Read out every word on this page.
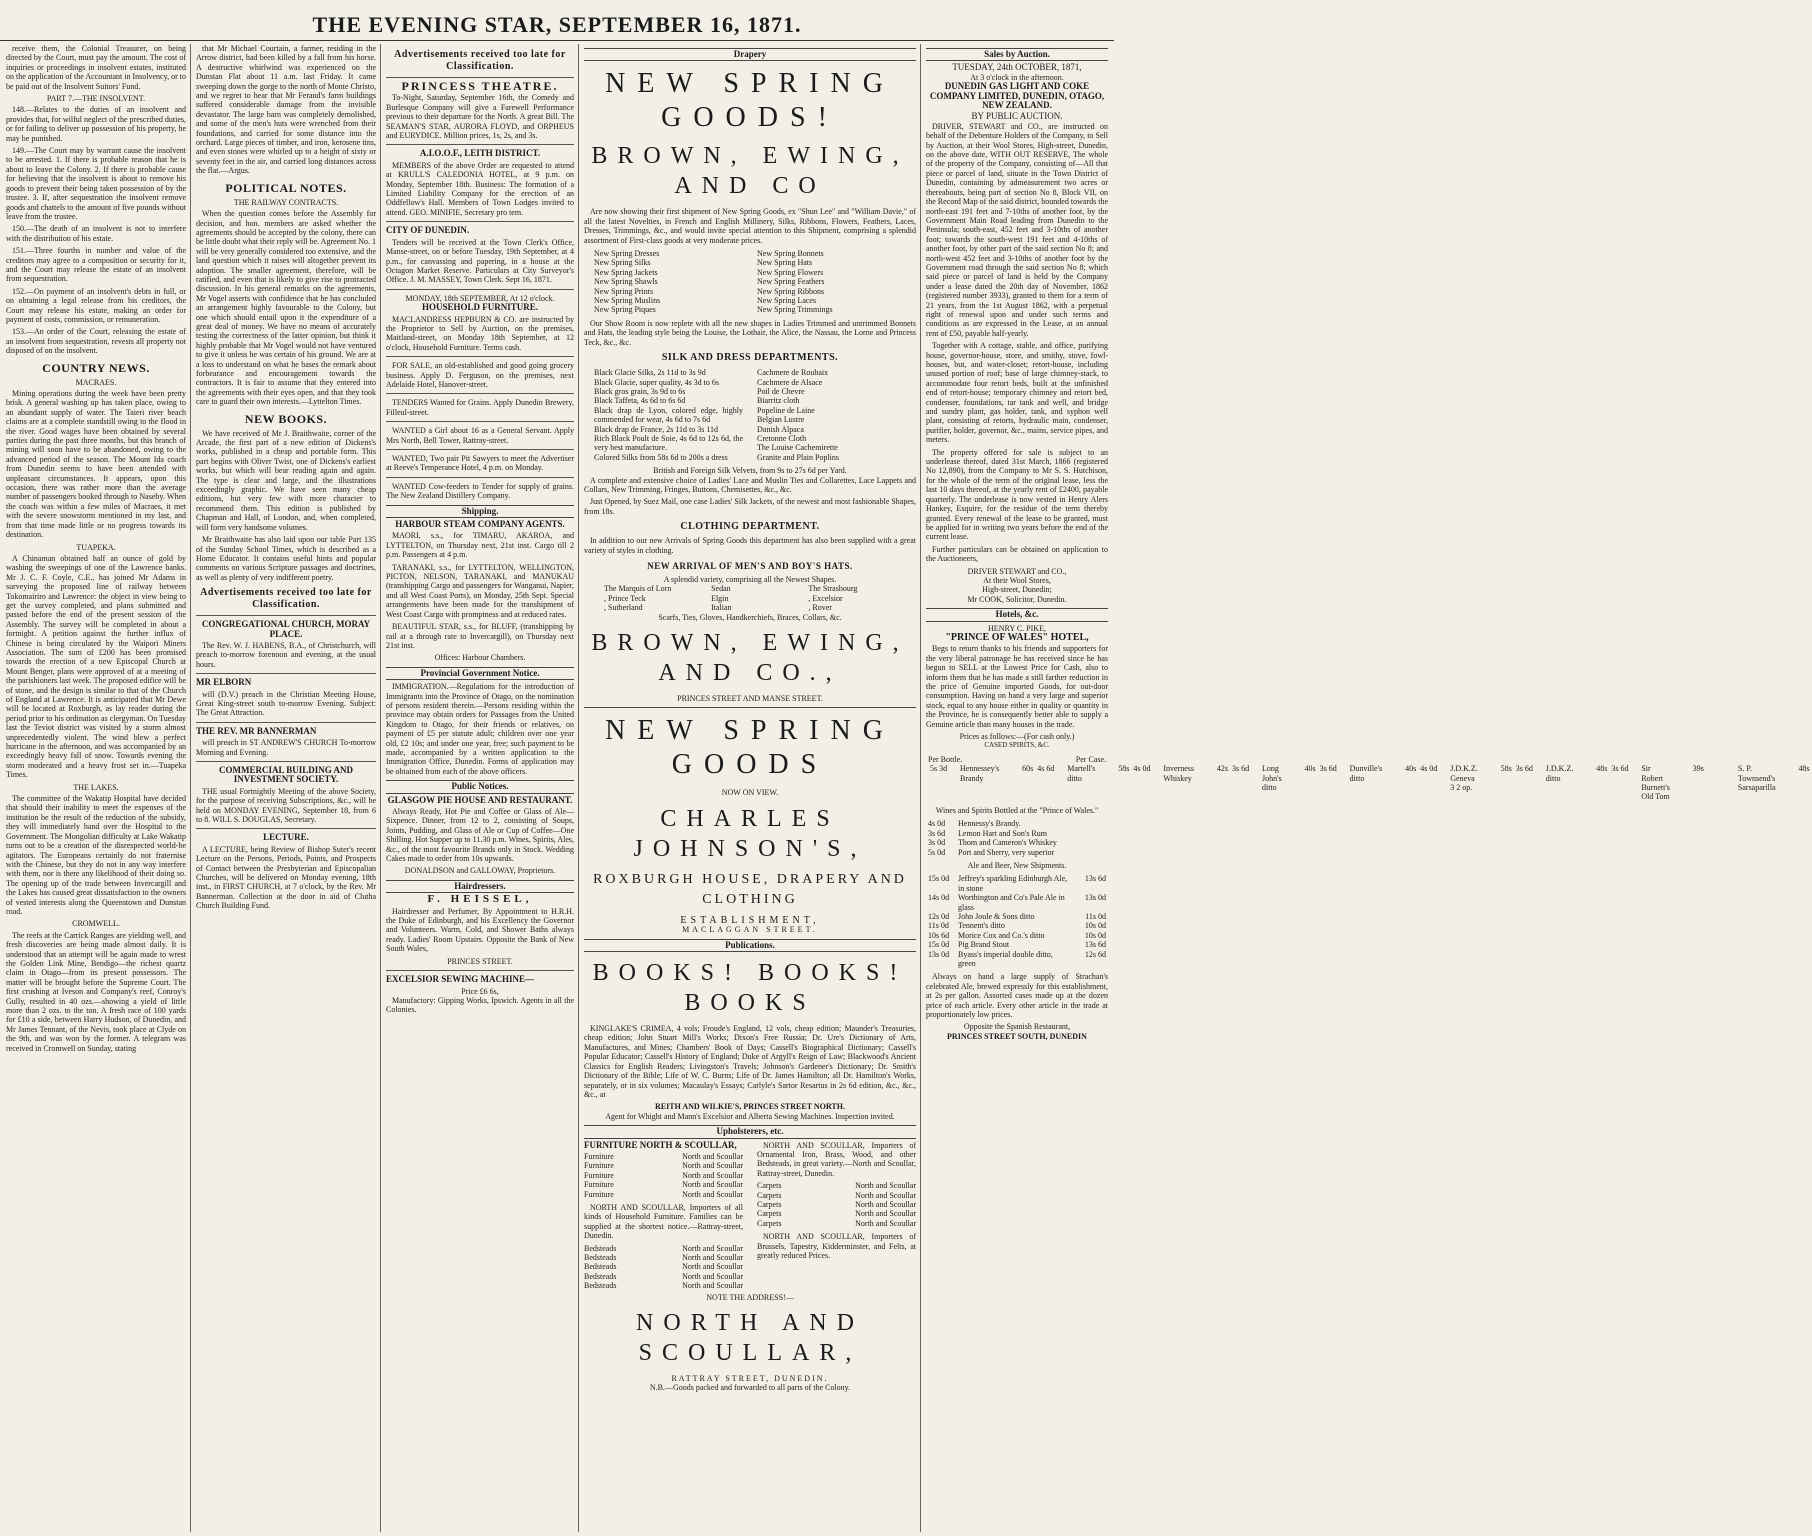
THE EVENING STAR, SEPTEMBER 16, 1871.

receive them, the Colonial Treasurer, on being directed by the Court, must pay the amount. The cost of inquiries or proceedings in insolvent estates, instituted on the application of the Accountant in Insolvency, or to be paid out of the Insolvent Suitors' Fund.

PART 7.—THE INSOLVENT.

148.—Relates to the duties of an insolvent and provides that, for wilful neglect of the prescribed duties, or for failing to deliver up possession of his property, he may be punished.

149.—The Court may by warrant cause the insolvent to be arrested. 1. If there is probable reason that he is about to leave the Colony. 2. If there is probable cause for believing that the insolvent is about to remove his goods to prevent their being taken possession of by the trustee. 3. If, after sequestration the insolvent remove goods and chattels to the amount of five pounds without leave from the trustee.

150.—The death of an insolvent is not to interfere with the distribution of his estate.

151.—Three fourths in number and value of the creditors may agree to a composition or security for it, and the Court may release the estate of an insolvent from sequestration.

152.—On payment of an insolvent's debts in full, or on obtaining a legal release from his creditors, the Court may release his estate, making an order for payment of costs, commission, or remuneration.

153.—An order of the Court, releasing the estate of an insolvent from sequestration, revests all property not disposed of on the insolvent.

COUNTRY NEWS.
MACRAES.

Mining operations during the week have been pretty brisk. A general washing up has taken place, owing to an abundant supply of water. The Taieri river beach claims are at a complete standstill owing to the flood in the river. Good wages have been obtained by several parties during the past three months, but this branch of mining will soon have to be abandoned, owing to the advanced period of the season. The Mount Ida coach from Dunedin seems to have been attended with unpleasant circumstances. It appears, upon this occasion, there was rather more than the average number of passengers booked through to Naseby. When the coach was within a few miles of Macraes, it met with the severe snowstorm mentioned in my last, and from that time made little or no progress towards its destination.

TUAPEKA.

A Chinaman obtained half an ounce of gold by washing the sweepings of one of the Lawrence banks. Mr J. C. F. Coyle, C.E., has joined Mr Adams in surveying the proposed line of railway between Tokomairiro and Lawrence: the object in view being to get the survey completed, and plans submitted and passed before the end of the present session of the Assembly. The survey will be completed in about a fortnight. A petition against the further influx of Chinese is being circulated by the Waipori Miners Association. The sum of £200 has been promised towards the erection of a new Episcopal Church at Mount Benger, plans were approved of at a meeting of the parishioners last week. The proposed edifice will be of stone, and the design is similar to that of the Church of England at Lawrence. It is anticipated that Mr Dewe will be located at Roxburgh, as lay reader during the period prior to his ordination as clergyman. On Tuesday last the Teviot district was visited by a storm almost unprecedentedly violent. The wind blew a perfect hurricane in the afternoon, and was accompanied by an exceedingly heavy fall of snow. Towards evening the storm moderated and a heavy frost set in.—Tuapeka Times.

THE LAKES.

The committee of the Wakatip Hospital have decided that should their inability to meet the expenses of the institution be the result of the reduction of the subsidy, they will immediately hand over the Hospital to the Government. The Mongolian difficulty at Lake Wakatip turns out to be a creation of the disrespected world-be agitators. The Europeans certainly do not fraternise with the Chinese, but they do not in any way interfere with them, nor is there any likelihood of their doing so. The opening up of the trade between Invercargill and the Lakes has caused great dissatisfaction to the owners of vested interests along the Queenstown and Dunstan road.

CROMWELL.

The reefs at the Carrick Ranges are yielding well, and fresh discoveries are being made almost daily. It is understood that an attempt will be again made to wrest the Golden Link Mine, Bendigo—the richest quartz claim in Otago—from its present possessors. The matter will be brought before the Supreme Court. The first crushing at Iveson and Company's reef, Conroy's Gully, resulted in 40 ozs.—showing a yield of little more than 2 ozs. to the ton. A fresh race of 100 yards for £10 a side, between Harry Hudson, of Dunedin, and Mr James Tennant, of the Nevis, took place at Clyde on the 9th, and was won by the former. A telegram was received in Cromwell on Sunday, stating

that Mr Michael Courtain, a farmer, residing in the Arrow district, had been killed by a fall from his horse. A destructive whirlwind was experienced on the Dunstan Flat about 11 a.m. last Friday. It came sweeping down the gorge to the north of Monte Christo, and we regret to hear that Mr Ferand's farm buildings suffered considerable damage from the invisible devastator. The large barn was completely demolished, and some of the men's huts were wrenched from their foundations, and carried for some distance into the orchard. Large pieces of timber, and iron, kerosene tins, and even stones were whirled up to a height of sixty or seventy feet in the air, and carried long distances across the flat.—Argus.

POLITICAL NOTES.
THE RAILWAY CONTRACTS.

When the question comes before the Assembly for decision, and hon. members are asked whether the agreements should be accepted by the colony, there can be little doubt what their reply will be. Agreement No. 1 will be very generally considered too extensive, and the land question which it raises will altogether prevent its adoption. The smaller agreement, therefore, will be ratified, and even that is likely to give rise to protracted discussion. In his general remarks on the agreements, Mr Vogel asserts with confidence that he has concluded an arrangement highly favourable to the Colony, but one which should entail upon it the expenditure of a great deal of money. We have no means of accurately testing the correctness of the latter opinion, but think it highly probable that Mr Vogel would not have ventured to give it unless he was certain of his ground. We are at a loss to understand on what he bases the remark about forbearance and encouragement towards the contractors. It is fair to assume that they entered into the agreements with their eyes open, and that they took care to guard their own interests.—Lyttelton Times.

NEW BOOKS.

We have received of Mr J. Braithwaite, corner of the Arcade, the first part of a new edition of Dickens's works, published in a cheap and portable form. This part begins with Oliver Twist, one of Dickens's earliest works, but which will bear reading again and again. The type is clear and large, and the illustrations exceedingly graphic. We have seen many cheap editions, but very few with more character to recommend them. This edition is published by Chapman and Hall, of London, and, when completed, will form very handsome volumes.

Mr Braithwaite has also laid upon our table Part 135 of the Sunday School Times, which is described as a Home Educator. It contains useful hints and popular comments on various Scripture passages and doctrines, as well as plenty of very indifferent poetry.

Advertisements received too late for Classification.
CONGREGATIONAL CHURCH, MORAY PLACE.

The Rev. W. J. HABENS, B.A., of Christchurch, will preach to-morrow forenoon and evening, at the usual hours.

MR ELBORN

will (D.V.) preach in the Christian Meeting House, Great King-street south to-morrow Evening. Subject: The Great Attraction.

THE REV. MR BANNERMAN

will preach in ST ANDREW'S CHURCH To-morrow Morning and Evening.

COMMERCIAL BUILDING AND INVESTMENT SOCIETY.

THE usual Fortnightly Meeting of the above Society, for the purpose of receiving Subscriptions, &c., will be held on MONDAY EVENING, September 18, from 6 to 8. WILL S. DOUGLAS, Secretary.

LECTURE.

A LECTURE, being Review of Bishop Suter's recent Lecture on the Persons, Periods, Points, and Prospects of Contact between the Presbyterian and Episcopalian Churches, will be delivered on Monday evening, 18th inst., in FIRST CHURCH, at 7 o'clock, by the Rev. Mr Bannerman. Collection at the door in aid of Clutha Church Building Fund.

Advertisements received too late for Classification.
PRINCESS THEATRE.

To-Night, Saturday, September 16th, the Comedy and Burlesque Company will give a Farewell Performance previous to their departure for the North. A great Bill. The SEAMAN'S STAR, AURORA FLOYD, and ORPHEUS and EURYDICE. Million prices, 1s, 2s, and 3s.

A.I.O.O.F., LEITH DISTRICT.

MEMBERS of the above Order are requested to attend at KRULL'S CALEDONIA HOTEL, at 9 p.m. on Monday, September 18th. Business: The formation of a Limited Liability Company for the erection of an Oddfellow's Hall. Members of Town Lodges invited to attend. GEO. MINIFIE, Secretary pro tem.

CITY OF DUNEDIN.

Tenders will be received at the Town Clerk's Office, Manse-street, on or before Tuesday, 19th September, at 4 p.m., for canvassing and papering, in a house at the Octagon Market Reserve. Particulars at City Surveyor's Office. J. M. MASSEY, Town Clerk. Sept 16, 1871.

MONDAY, 18th SEPTEMBER, At 12 o'clock.
HOUSEHOLD FURNITURE.

MACLANDRESS HEPBURN & CO. are instructed by the Proprietor to Sell by Auction, on the premises, Maitland-street, on Monday 18th September, at 12 o'clock, Household Furniture. Terms cash.

FOR SALE, an old-established and good going grocery business. Apply D. Ferguson, on the premises, next Adelaide Hotel, Hanover-street.

TENDERS Wanted for Grains. Apply Dunedin Brewery, Filleul-street.

WANTED a Girl about 16 as a General Servant. Apply Mrs North, Bell Tower, Rattray-street.

WANTED, Two pair Pit Sawyers to meet the Advertiser at Reeve's Temperance Hotel, 4 p.m. on Monday.

WANTED Cow-feeders to Tender for supply of grains. The New Zealand Distillery Company.

Shipping.
HARBOUR STEAM COMPANY AGENTS.

MAORI, s.s., for TIMARU, AKAROA, and LYTTELTON, on Thursday next, 21st inst. Cargo till 2 p.m. Passengers at 4 p.m.

TARANAKI, s.s., for LYTTELTON, WELLINGTON, PICTON, NELSON, TARANAKI, and MANUKAU (transhipping Cargo and passengers for Wanganui, Napier, and all West Coast Ports), on Monday, 25th Sept. Special arrangements have been made for the transhipment of West Coast Cargo with promptness and at reduced rates.

BEAUTIFUL STAR, s.s., for BLUFF, (transhipping by rail at a through rate to Invercargill), on Thursday next 21st inst.

Offices: Harbour Chambers.
Provincial Government Notice.

IMMIGRATION.—Regulations for the introduction of Immigrants into the Province of Otago, on the nomination of persons resident therein.—Persons residing within the province may obtain orders for Passages from the United Kingdom to Otago, for their friends or relatives, on payment of £5 per statute adult; children over one year old, £2 10s; and under one year, free; such payment to be made, accompanied by a written application to the Immigration Office, Dunedin. Forms of application may be obtained from each of the above officers.

Public Notices.
GLASGOW PIE HOUSE AND RESTAURANT.

Always Ready, Hot Pie and Coffee or Glass of Ale—Sixpence. Dinner, from 12 to 2, consisting of Soups, Joints, Pudding, and Glass of Ale or Cup of Coffee—One Shilling. Hot Supper up to 11.30 p.m. Wines, Spirits, Ales, &c., of the most favourite Brands only in Stock. Wedding Cakes made to order from 10s upwards.

DONALDSON and GALLOWAY, Proprietors.
Hairdressers.
F. HEISSEL,

Hairdresser and Perfumer, By Appointment to H.R.H. the Duke of Edinburgh, and his Excellency the Governor and Volunteers. Warm, Cold, and Shower Baths always ready. Ladies' Room Upstairs. Opposite the Bank of New South Wales,

PRINCES STREET.
EXCELSIOR SEWING MACHINE—
Price £6 6s,

Manufactory: Gipping Works, Ipswich. Agents in all the Colonies.

Drapery
NEW SPRING GOODS!
BROWN, EWING, AND CO

Are now showing their first shipment of New Spring Goods, ex "Shun Lee" and "William Davie," of all the latest Novelties, in French and English Millinery, Silks, Ribbons, Flowers, Feathers, Laces, Dresses, Trimmings, &c., and would invite special attention to this Shipment, comprising a splendid assortment of First-class goods at very moderate prices.

New Spring Dresses
New Spring Silks
New Spring Jackets
New Spring Shawls
New Spring Prints
New Spring Muslins
New Spring Piques
New Spring Bonnets
New Spring Hats
New Spring Flowers
New Spring Feathers
New Spring Ribbons
New Spring Laces
New Spring Trimmings

Our Show Room is now replete with all the new shapes in Ladies Trimmed and untrimmed Bonnets and Hats, the leading style being the Louise, the Lothair, the Alice, the Nassau, the Lorne and Princess Teck, &c., &c.

SILK AND DRESS DEPARTMENTS.
Black Glacie Silks, 2s 11d to 3s 9d
Black Glacie, super quality, 4s 3d to 6s
Black gros grain, 3s 9d to 6s
Black Taffeta, 4s 6d to 6s 6d
Black drap de Lyon, colored edge, highly commended for wear, 4s 6d to 7s 6d
Black drap de France, 2s 11d to 3s 11d
Rich Black Poult de Soie, 4s 6d to 12s 6d, the very best manufacture.
Colored Silks from 58s 6d to 200s a dress
Cachmere de Roubaix
Cachmere de Alsace
Poil de Chevre
Biarritz cloth
Popeline de Laine
Belgian Lustre
Danish Alpaca
Cretonne Cloth
The Louise Cachemirette
Granite and Plain Poplins
British and Foreign Silk Velvets, from 9s to 27s 6d per Yard.

A complete and extensive choice of Ladies' Lace and Muslin Ties and Collarettes, Lace Lappets and Collars, New Trimming, Fringes, Buttons, Chemisettes, &c., &c.

Just Opened, by Suez Mail, one case Ladies' Silk Jackets, of the newest and most fashionable Shapes, from 18s.

CLOTHING DEPARTMENT.

In addition to our new Arrivals of Spring Goods this department has also been supplied with a great variety of styles in clothing.

NEW ARRIVAL OF MEN'S AND BOY'S HATS.
A splendid variety, comprising all the Newest Shapes.
The Marquis of Lorn	Sedan	The Strasbourg
, Prince Teck	Elgin	, Excelsior
, Sutherland	Italian	, Rover
Scarfs, Ties, Gloves, Handkerchiefs, Braces, Collars, &c.
BROWN, EWING, AND CO.,
PRINCES STREET AND MANSE STREET.
NEW SPRING GOODS
NOW ON VIEW.
CHARLES JOHNSON'S,
ROXBURGH HOUSE, DRAPERY AND CLOTHING
ESTABLISHMENT,
MACLAGGAN STREET.
Publications.
BOOKS! BOOKS! BOOKS

KINGLAKE'S CRIMEA, 4 vols; Froude's England, 12 vols, cheap edition; Maunder's Treasuries, cheap edition; John Stuart Mill's Works; Dixon's Free Russia; Dr. Ure's Dictionary of Arts, Manufactures, and Mines; Chambers' Book of Days; Cassell's Biographical Dictionary; Cassell's Popular Educator; Cassell's History of England; Duke of Argyll's Reign of Law; Blackwood's Ancient Classics for English Readers; Livingston's Travels; Johnson's Gardener's Dictionary; Dr. Smith's Dictionary of the Bible; Life of W. C. Burns; Life of Dr. James Hamilton; all Dr. Hamilton's Works, separately, or in six volumes; Macaulay's Essays; Carlyle's Sartor Resartus in 2s 6d edition, &c., &c., &c., at

REITH AND WILKIE'S, PRINCES STREET NORTH.
Agent for Whight and Mann's Excelsior and Alberta Sewing Machines. Inspection invited.
Upholsterers, etc.
FURNITURE NORTH & SCOULLAR,
Furniture	North and Scoullar
Furniture	North and Scoullar
Furniture	North and Scoullar
Furniture	North and Scoullar
Furniture	North and Scoullar

NORTH AND SCOULLAR, Importers of all kinds of Household Furniture. Families can be supplied at the shortest notice.—Rattray-street, Dunedin.

Bedsteads	North and Scoullar
Bedsteads	North and Scoullar
Bedsteads	North and Scoullar
Bedsteads	North and Scoullar
Bedsteads	North and Scoullar

NORTH AND SCOULLAR, Importers of Ornamental Iron, Brass, Wood, and other Bedsteads, in great variety.—North and Scoullar, Rattray-street, Dunedin.

Carpets	North and Scoullar
Carpets	North and Scoullar
Carpets	North and Scoullar
Carpets	North and Scoullar
Carpets	North and Scoullar

NORTH AND SCOULLAR, Importers of Brussels, Tapestry, Kidderminster, and Felts, at greatly reduced Prices.

NOTE THE ADDRESS!—
NORTH AND SCOULLAR,
RATTRAY STREET, DUNEDIN.
N.B.—Goods packed and forwarded to all parts of the Colony.
Sales by Auction.
TUESDAY, 24th OCTOBER, 1871,
At 3 o'clock in the afternoon.
DUNEDIN GAS LIGHT AND COKE COMPANY LIMITED, DUNEDIN, OTAGO, NEW ZEALAND.
BY PUBLIC AUCTION.

DRIVER, STEWART and CO., are instructed on behalf of the Debenture Holders of the Company, to Sell by Auction, at their Wool Stores, High-street, Dunedin, on the above date, WITH OUT RESERVE, The whole of the property of the Company, consisting of—All that piece or parcel of land, situate in the Town District of Dunedin, containing by admeasurement two acres or thereabouts, being part of section No 8, Block VII, on the Record Map of the said district, bounded towards the north-east 191 feet and 7-10ths of another foot, by the Government Main Road leading from Dunedin to the Peninsula; south-east, 452 feet and 3-10ths of another foot; towards the south-west 191 feet and 4-10ths of another foot, by other part of the said section No 8; and north-west 452 feet and 3-10ths of another foot by the Government road through the said section No 8; which said piece or parcel of land is held by the Company under a lease dated the 20th day of November, 1862 (registered number 3933), granted to them for a term of 21 years, from the 1st August 1862, with a perpetual right of renewal upon and under such terms and conditions as are expressed in the Lease, at an annual rent of £50, payable half-yearly.

Together with A cottage, stable, and office, purifying house, governor-house, store, and smithy, stove, fowl-houses, but, and water-closet; retort-house, including unused portion of roof; base of large chimney-stack, to accommodate four retort beds, built at the unfinished end of retort-house; temporary chimney and retort bed, condenser, foundations, tar tank and well, and bridge and sundry plant, gas holder, tank, and syphon well plant, consisting of retorts, hydraulic main, condenser, purifier, holder, governor, &c., mains, service pipes, and meters.

The property offered for sale is subject to an underlease thereof, dated 31st March, 1866 (registered No 12,890), from the Company to Mr S. S. Hutchison, for the whole of the term of the original lease, less the last 10 days thereof, at the yearly rent of £2400, payable quarterly. The underlease is now vested in Henry Alers Hankey, Esquire, for the residue of the term thereby granted. Every renewal of the lease to be granted, must be applied for in writing two years before the end of the current lease.

Further particulars can be obtained on application to the Auctioneers,

DRIVER STEWART and CO.,
At their Wool Stores,
High-street, Dunedin;
Mr COOK, Solicitor, Dunedin.
Hotels, &c.
HENRY C. PIKE,
"PRINCE OF WALES" HOTEL,

Begs to return thanks to his friends and supporters for the very liberal patronage he has received since he has begun to SELL at the Lowest Price for Cash, also to inform them that he has made a still farther reduction in the price of Genuine imported Goods, for out-door consumption. Having on hand a very large and superior stock, equal to any house either in quality or quantity in the Province, he is consequently better able to supply a Genuine article than many houses in the trade.

Prices as follows:—(For cash only.)
CASED SPIRITS, &C.
Per Bottle.	Per Case.
5s 3d	Hennessey's Brandy
60s 4s 6d	Martell's ditto
58s 4s 0d	Inverness Whiskey
42s 3s 6d	Long John's ditto
40s 3s 6d	Dunville's ditto
40s 4s 0d	J.D.K.Z. Geneva 3 2 op.
58s 3s 6d	J.D.K.Z. ditto
48s 3s 6d	Sir Robert Burnett's Old Tom
39s	S. P. Townsend's Sarsaparilla
48s
Wines and Spirits Bottled at the "Prince of Wales."
4s 0d	Hennessy's Brandy.
3s 6d	Lemon Hart and Son's Rum
3s 0d	Thom and Cameron's Whiskey
5s 0d	Port and Sherry, very superior
Ale and Beer, New Shipments.
15s 0d	Jeffrey's sparkling Edinburgh Ale, in stone
13s 6d
14s 0d	Worthington and Co's Pale Ale in glass
13s 0d
12s 0d	John Joule & Sons ditto	11s 0d
11s 0d	Tennent's ditto	10s 0d
10s 6d	Morice Cox and Co.'s ditto	10s 0d
15s 0d	Pig Brand Stout	13s 6d
13s 0d	Byass's imperial double ditto, green
12s 6d

Always on hand a large supply of Strachan's celebrated Ale, brewed expressly for this establishment, at 2s per gallon. Assorted cases made up at the dozen price of each article. Every other article in the trade at proportionately low prices.

Opposite the Spanish Restaurant,
PRINCES STREET SOUTH, DUNEDIN
